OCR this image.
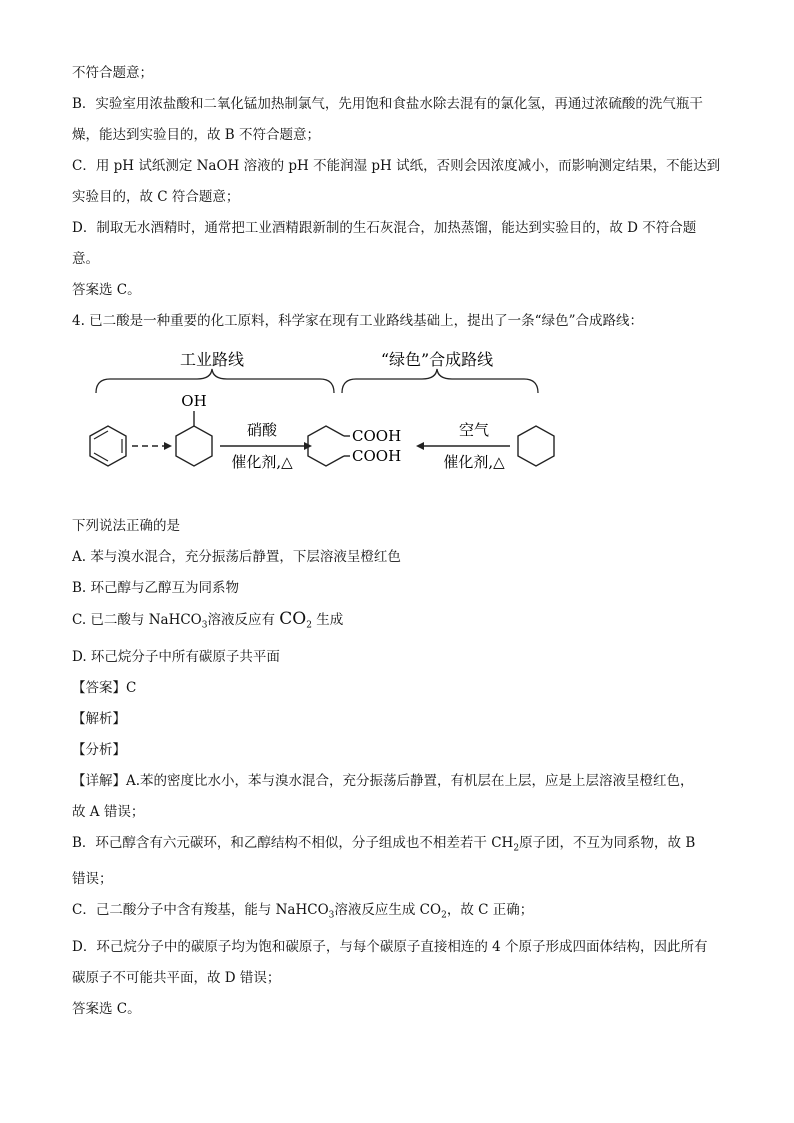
不符合题意；

B．实验室用浓盐酸和二氧化锰加热制氯气，先用饱和食盐水除去混有的氯化氢，再通过浓硫酸的洗气瓶干

燥，能达到实验目的，故 B 不符合题意；

C．用 pH 试纸测定 NaOH 溶液的 pH 不能润湿 pH 试纸，否则会因浓度减小，而影响测定结果，不能达到

实验目的，故 C 符合题意；

D．制取无水酒精时，通常把工业酒精跟新制的生石灰混合，加热蒸馏，能达到实验目的，故 D 不符合题

意。

答案选 C。

4. 已二酸是一种重要的化工原料，科学家在现有工业路线基础上，提出了一条“绿色”合成路线：

工业路线	“绿色”合成路线
OH
硝酸
催化剂,△
COOH
COOH
空气
催化剂,△

下列说法正确的是

A. 苯与溴水混合，充分振荡后静置，下层溶液呈橙红色

B. 环己醇与乙醇互为同系物

C. 已二酸与 NaHCO$_3$溶液反应有 $CO_2$ 生成

D. 环己烷分子中所有碳原子共平面

【答案】C

【解析】

【分析】

【详解】A.苯的密度比水小，苯与溴水混合，充分振荡后静置，有机层在上层，应是上层溶液呈橙红色，

故 A 错误；

B．环己醇含有六元碳环，和乙醇结构不相似，分子组成也不相差若干 $CH_2$原子团，不互为同系物，故 B

错误；

C．己二酸分子中含有羧基，能与 NaHCO$_3$溶液反应生成 $CO_2$，故 C 正确；

D．环己烷分子中的碳原子均为饱和碳原子，与每个碳原子直接相连的 4 个原子形成四面体结构，因此所有

碳原子不可能共平面，故 D 错误；

答案选 C。
